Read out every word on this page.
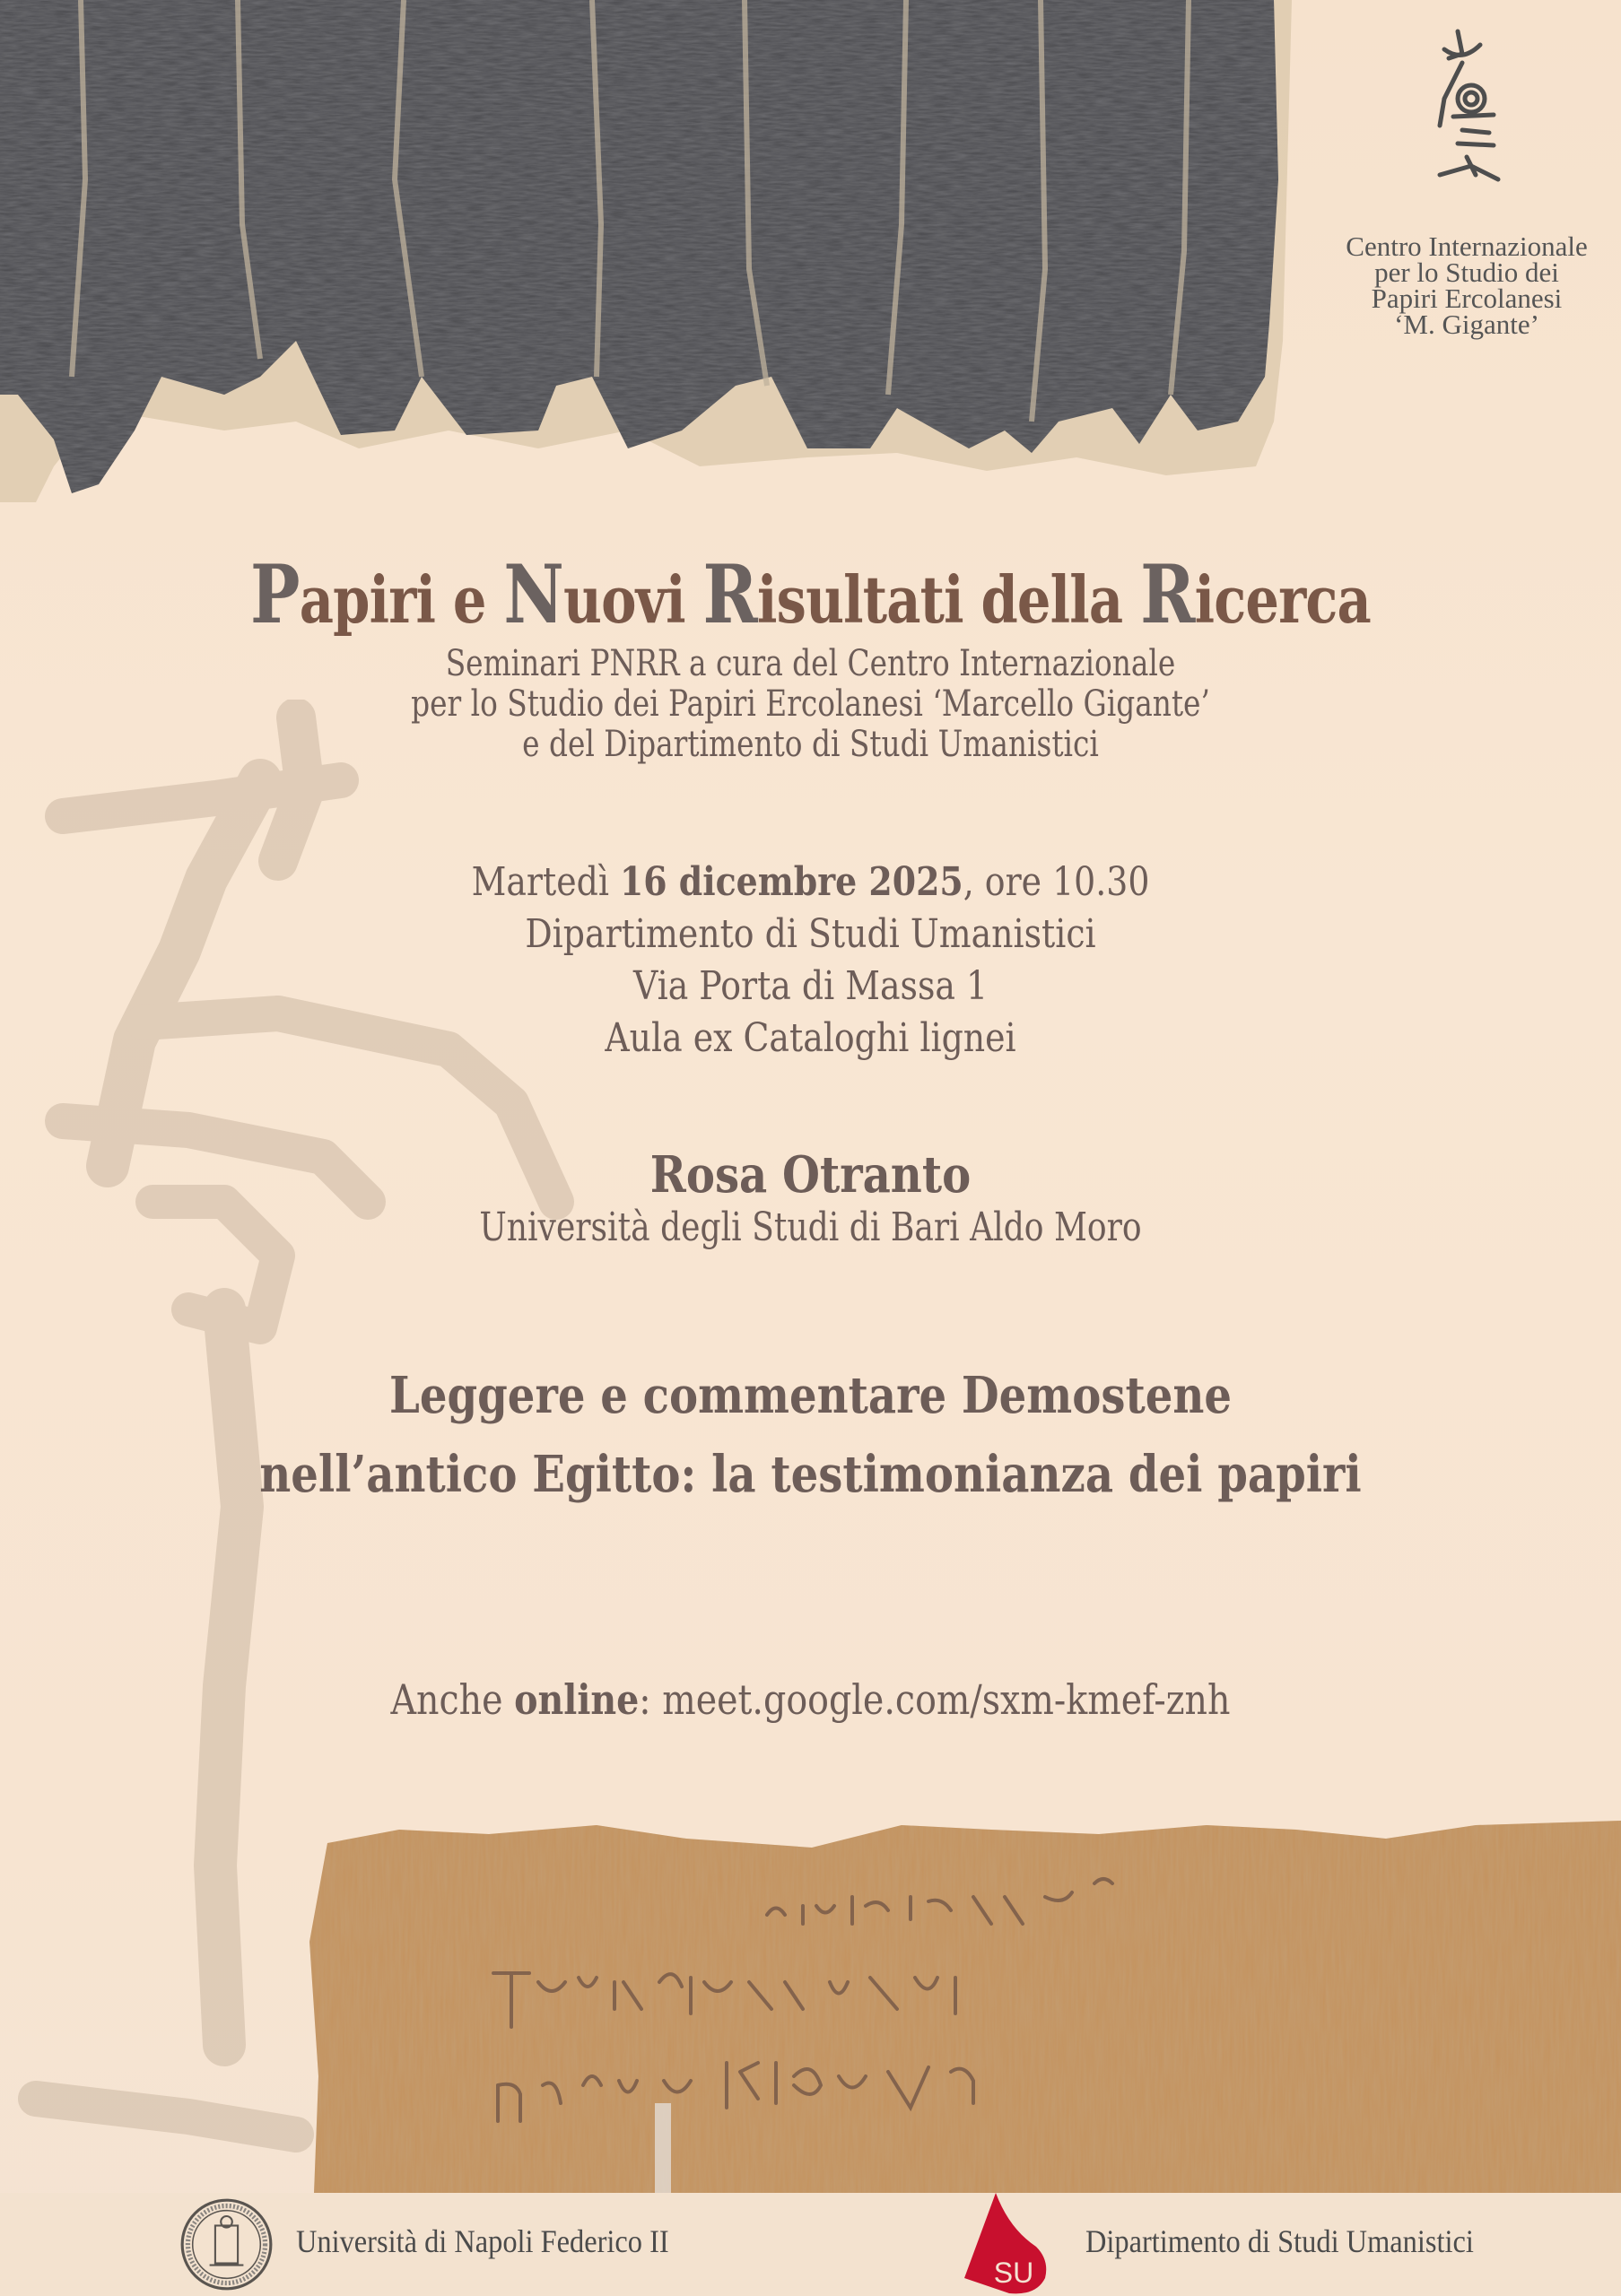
Centro Internazionale
per lo Studio dei
Papiri Ercolanesi
‘M. Gigante’
Papiri e Nuovi Risultati della Ricerca
Seminari PNRR a cura del Centro Internazionale
per lo Studio dei Papiri Ercolanesi ‘Marcello Gigante’
e del Dipartimento di Studi Umanistici
Martedì 16 dicembre 2025, ore 10.30
Dipartimento di Studi Umanistici
Via Porta di Massa 1
Aula ex Cataloghi lignei
Rosa Otranto
Università degli Studi di Bari Aldo Moro
Leggere e commentare Demostene
nell’antico Egitto: la testimonianza dei papiri
Anche online: meet.google.com/sxm-kmef-znh
Università di Napoli Federico II
SU
Dipartimento di Studi Umanistici
